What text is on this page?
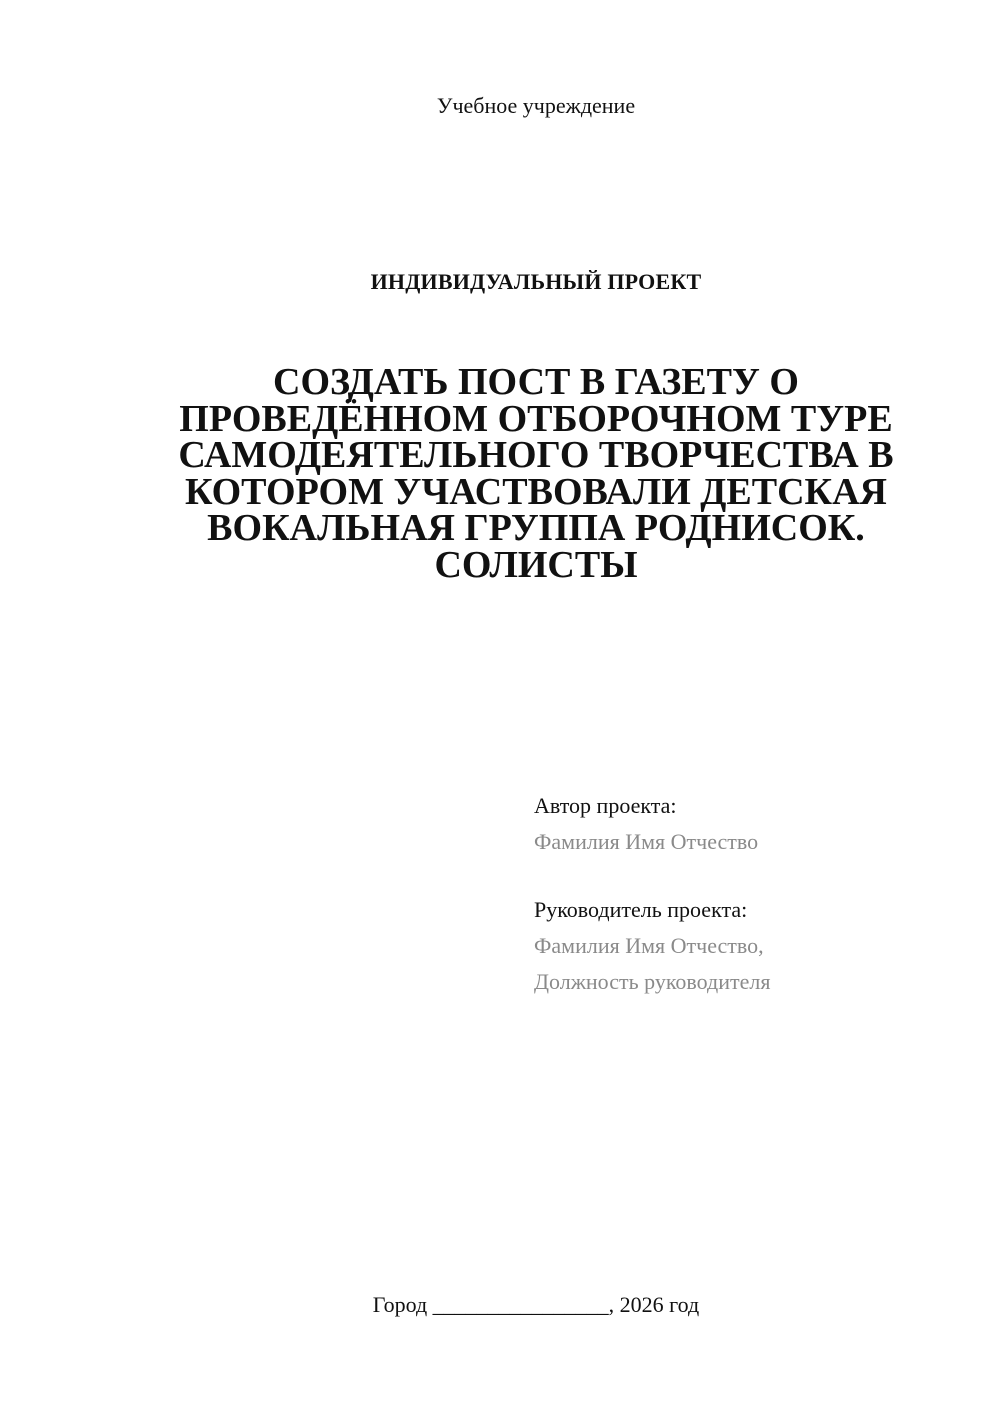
Учебное учреждение
ИНДИВИДУАЛЬНЫЙ ПРОЕКТ
СОЗДАТЬ ПОСТ В ГАЗЕТУ О
ПРОВЕДЁННОМ ОТБОРОЧНОМ ТУРЕ
САМОДЕЯТЕЛЬНОГО ТВОРЧЕСТВА В
КОТОРОМ УЧАСТВОВАЛИ ДЕТСКАЯ
ВОКАЛЬНАЯ ГРУППА РОДНИСОК.
СОЛИСТЫ
Автор проекта:
Фамилия Имя Отчество
Руководитель проекта:
Фамилия Имя Отчество,
Должность руководителя
Город ________________, 2026 год
